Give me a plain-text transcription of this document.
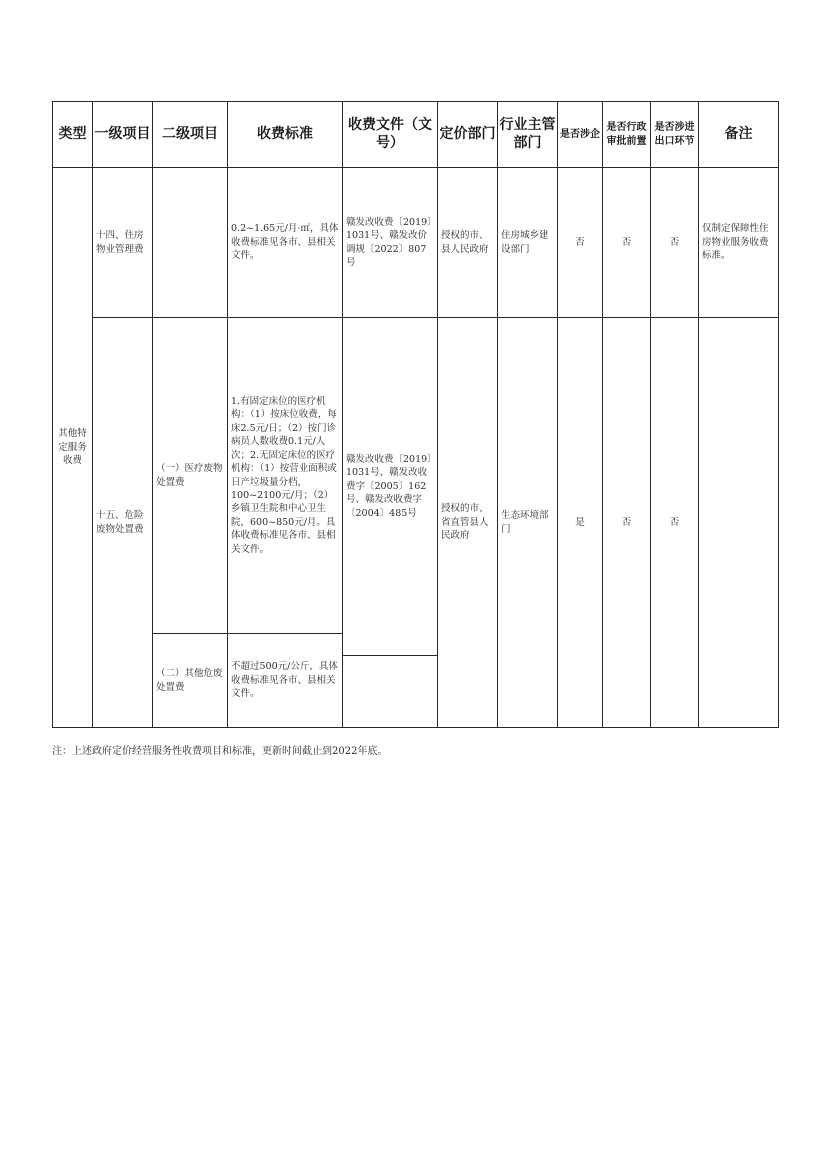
类型	一级项目	二级项目	收费标准	收费文件（文号）	定价部门	行业主管部门	是否涉企	是否行政审批前置	是否涉进出口环节	备注

其他特定服务收费	十四、住房物业管理费		0.2~1.65元/月·㎡，具体收费标准见各市、县相关文件。	赣发改收费〔2019〕1031号、赣发改价调规〔2022〕807号	授权的市、县人民政府	住房城乡建设部门	否	否	否	仅制定保障性住房物业服务收费标准。

	十五、危险废物处置费	（一）医疗废物处置费	1.有固定床位的医疗机构：（1）按床位收费，每床2.5元/日；（2）按门诊病员人数收费0.1元/人次；2.无固定床位的医疗机构：（1）按营业面积或日产垃圾量分档，100~2100元/月；（2）乡镇卫生院和中心卫生院，600~850元/月。具体收费标准见各市、县相关文件。	赣发改收费〔2019〕1031号、赣发改收费字〔2005〕162号、赣发改收费字〔2004〕485号	授权的市、省直管县人民政府	生态环境部门	是	否	否	

		（二）其他危废处置费	不超过500元/公斤，具体收费标准见各市、县相关文件。							

注：上述政府定价经营服务性收费项目和标准，更新时间截止到2022年底。
